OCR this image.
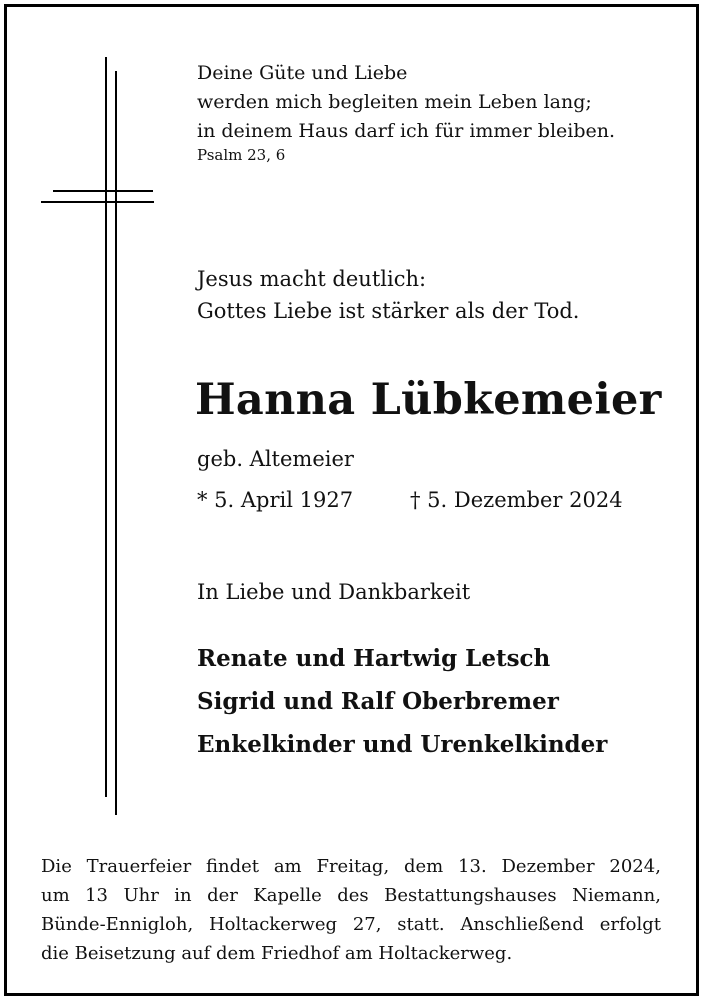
Deine Güte und Liebe
werden mich begleiten mein Leben lang;
in deinem Haus darf ich für immer bleiben.
Psalm 23, 6
Jesus macht deutlich:
Gottes Liebe ist stärker als der Tod.
Hanna Lübkemeier
geb. Altemeier
* 5. April 1927	† 5. Dezember 2024
In Liebe und Dankbarkeit
Renate und Hartwig Letsch
Sigrid und Ralf Oberbremer
Enkelkinder und Urenkelkinder
Die Trauerfeier findet am Freitag, dem 13. Dezember 2024,
um 13 Uhr in der Kapelle des Bestattungshauses Niemann,
Bünde-Ennigloh, Holtackerweg 27, statt. Anschließend erfolgt
die Beisetzung auf dem Friedhof am Holtackerweg.
